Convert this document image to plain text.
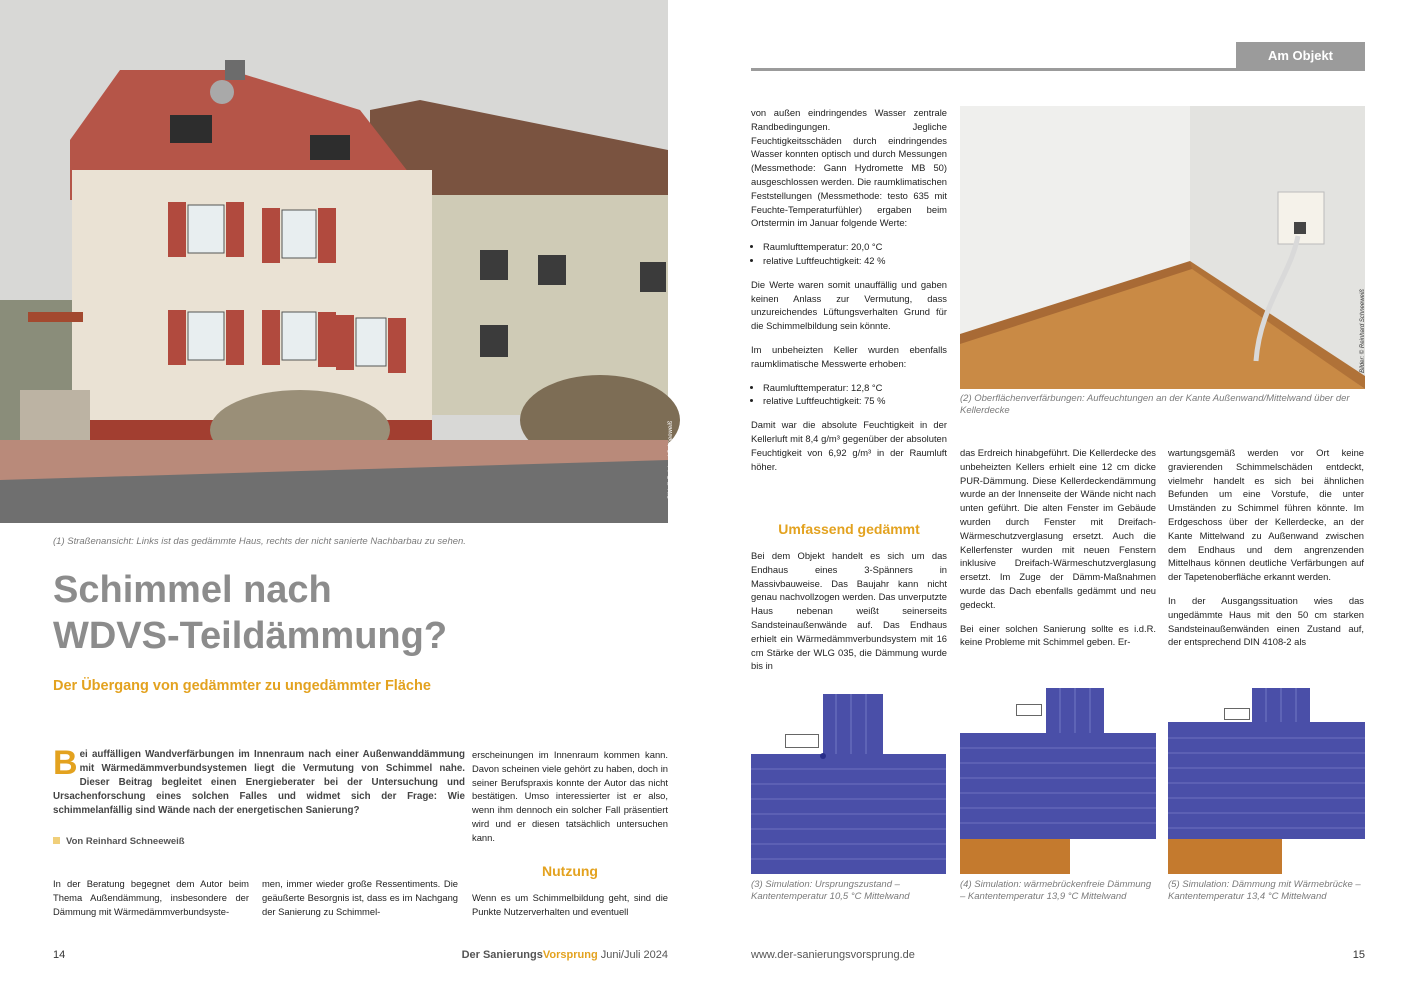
Bild: © Reinhard Schneeweiß
(1) Straßenansicht: Links ist das gedämmte Haus, rechts der nicht sanierte Nachbarbau zu sehen.
Schimmel nach
WDVS-Teildämmung?
Der Übergang von gedämmter zu ungedämmter Fläche
B ei auffälligen Wandverfärbungen im Innenraum nach einer Außenwanddämmung mit Wärmedämmverbundsystemen liegt die Vermutung von Schimmel nahe. Dieser Beitrag begleitet einen Energieberater bei der Untersuchung und Ursachenforschung eines solchen Falles und widmet sich der Frage: Wie schimmelanfällig sind Wände nach der energetischen Sanierung?
Von Reinhard Schneeweiß
In der Beratung begegnet dem Autor beim Thema Außendämmung, insbesondere der Dämmung mit Wärmedämmverbundsyste-
men, immer wieder große Ressentiments. Die geäußerte Besorgnis ist, dass es im Nachgang der Sanierung zu Schimmel-
erscheinungen im Innenraum kommen kann. Davon scheinen viele gehört zu haben, doch in seiner Berufspraxis konnte der Autor das nicht bestätigen. Umso interessierter ist er also, wenn ihm dennoch ein solcher Fall präsentiert wird und er diesen tatsächlich untersuchen kann.
Nutzung
Wenn es um Schimmelbildung geht, sind die Punkte Nutzerverhalten und eventuell
14	Der SanierungsVorsprung Juni/Juli 2024
Am Objekt

von außen eindringendes Wasser zentrale Randbedingungen. Jegliche Feuchtigkeitsschäden durch eindringendes Wasser konnten optisch und durch Messungen (Messmethode: Gann Hydromette MB 50) ausgeschlossen werden. Die raumklimatischen Feststellungen (Messmethode: testo 635 mit Feuchte-Temperaturfühler) ergaben beim Ortstermin im Januar folgende Werte:

• Raumlufttemperatur: 20,0 °C
• relative Luftfeuchtigkeit: 42 %

Die Werte waren somit unauffällig und gaben keinen Anlass zur Vermutung, dass unzureichendes Lüftungsverhalten Grund für die Schimmelbildung sein könnte.

Im unbeheizten Keller wurden ebenfalls raumklimatische Messwerte erhoben:

• Raumlufttemperatur: 12,8 °C
• relative Luftfeuchtigkeit: 75 %

Damit war die absolute Feuchtigkeit in der Kellerluft mit 8,4 g/m³ gegenüber der absoluten Feuchtigkeit von 6,92 g/m³ in der Raumluft höher.

Umfassend gedämmt
Bei dem Objekt handelt es sich um das Endhaus eines 3-Spänners in Massivbauweise. Das Baujahr kann nicht genau nachvollzogen werden. Das unverputzte Haus nebenan weißt seinerseits Sandsteinaußenwände auf. Das Endhaus erhielt ein Wärmedämmverbundsystem mit 16 cm Stärke der WLG 035, die Dämmung wurde bis in

das Erdreich hinabgeführt. Die Kellerdecke des unbeheizten Kellers erhielt eine 12 cm dicke PUR-Dämmung. Diese Kellerdeckendämmung wurde an der Innenseite der Wände nicht nach unten geführt. Die alten Fenster im Gebäude wurden durch Fenster mit Dreifach-Wärmeschutzverglasung ersetzt. Auch die Kellerfenster wurden mit neuen Fenstern inklusive Dreifach-Wärmeschutzverglasung ersetzt. Im Zuge der Dämm-Maßnahmen wurde das Dach ebenfalls gedämmt und neu gedeckt.

Bei einer solchen Sanierung sollte es i.d.R. keine Probleme mit Schimmel geben. Er-

wartungsgemäß werden vor Ort keine gravierenden Schimmelschäden entdeckt, vielmehr handelt es sich bei ähnlichen Befunden um eine Vorstufe, die unter Umständen zu Schimmel führen könnte. Im Erdgeschoss über der Kellerdecke, an der Kante Mittelwand zu Außenwand zwischen dem Endhaus und dem angrenzenden Mittelhaus können deutliche Verfärbungen auf der Tapetenoberfläche erkannt werden.

In der Ausgangssituation wies das ungedämmte Haus mit den 50 cm starken Sandsteinaußenwänden einen Zustand auf, der entsprechend DIN 4108-2 als

Bilder: © Reinhard Schneeweiß
(2) Oberflächenverfärbungen: Auffeuchtungen an der Kante Außenwand/Mittelwand über der Kellerdecke
(3) Simulation: Ursprungszustand – Kantentemperatur 10,5 °C Mittelwand
(4) Simulation: wärmebrückenfreie Dämmung – Kantentemperatur 13,9 °C Mittelwand
(5) Simulation: Dämmung mit Wärmebrücke – Kantentemperatur 13,4 °C Mittelwand
www.der-sanierungsvorsprung.de	15
